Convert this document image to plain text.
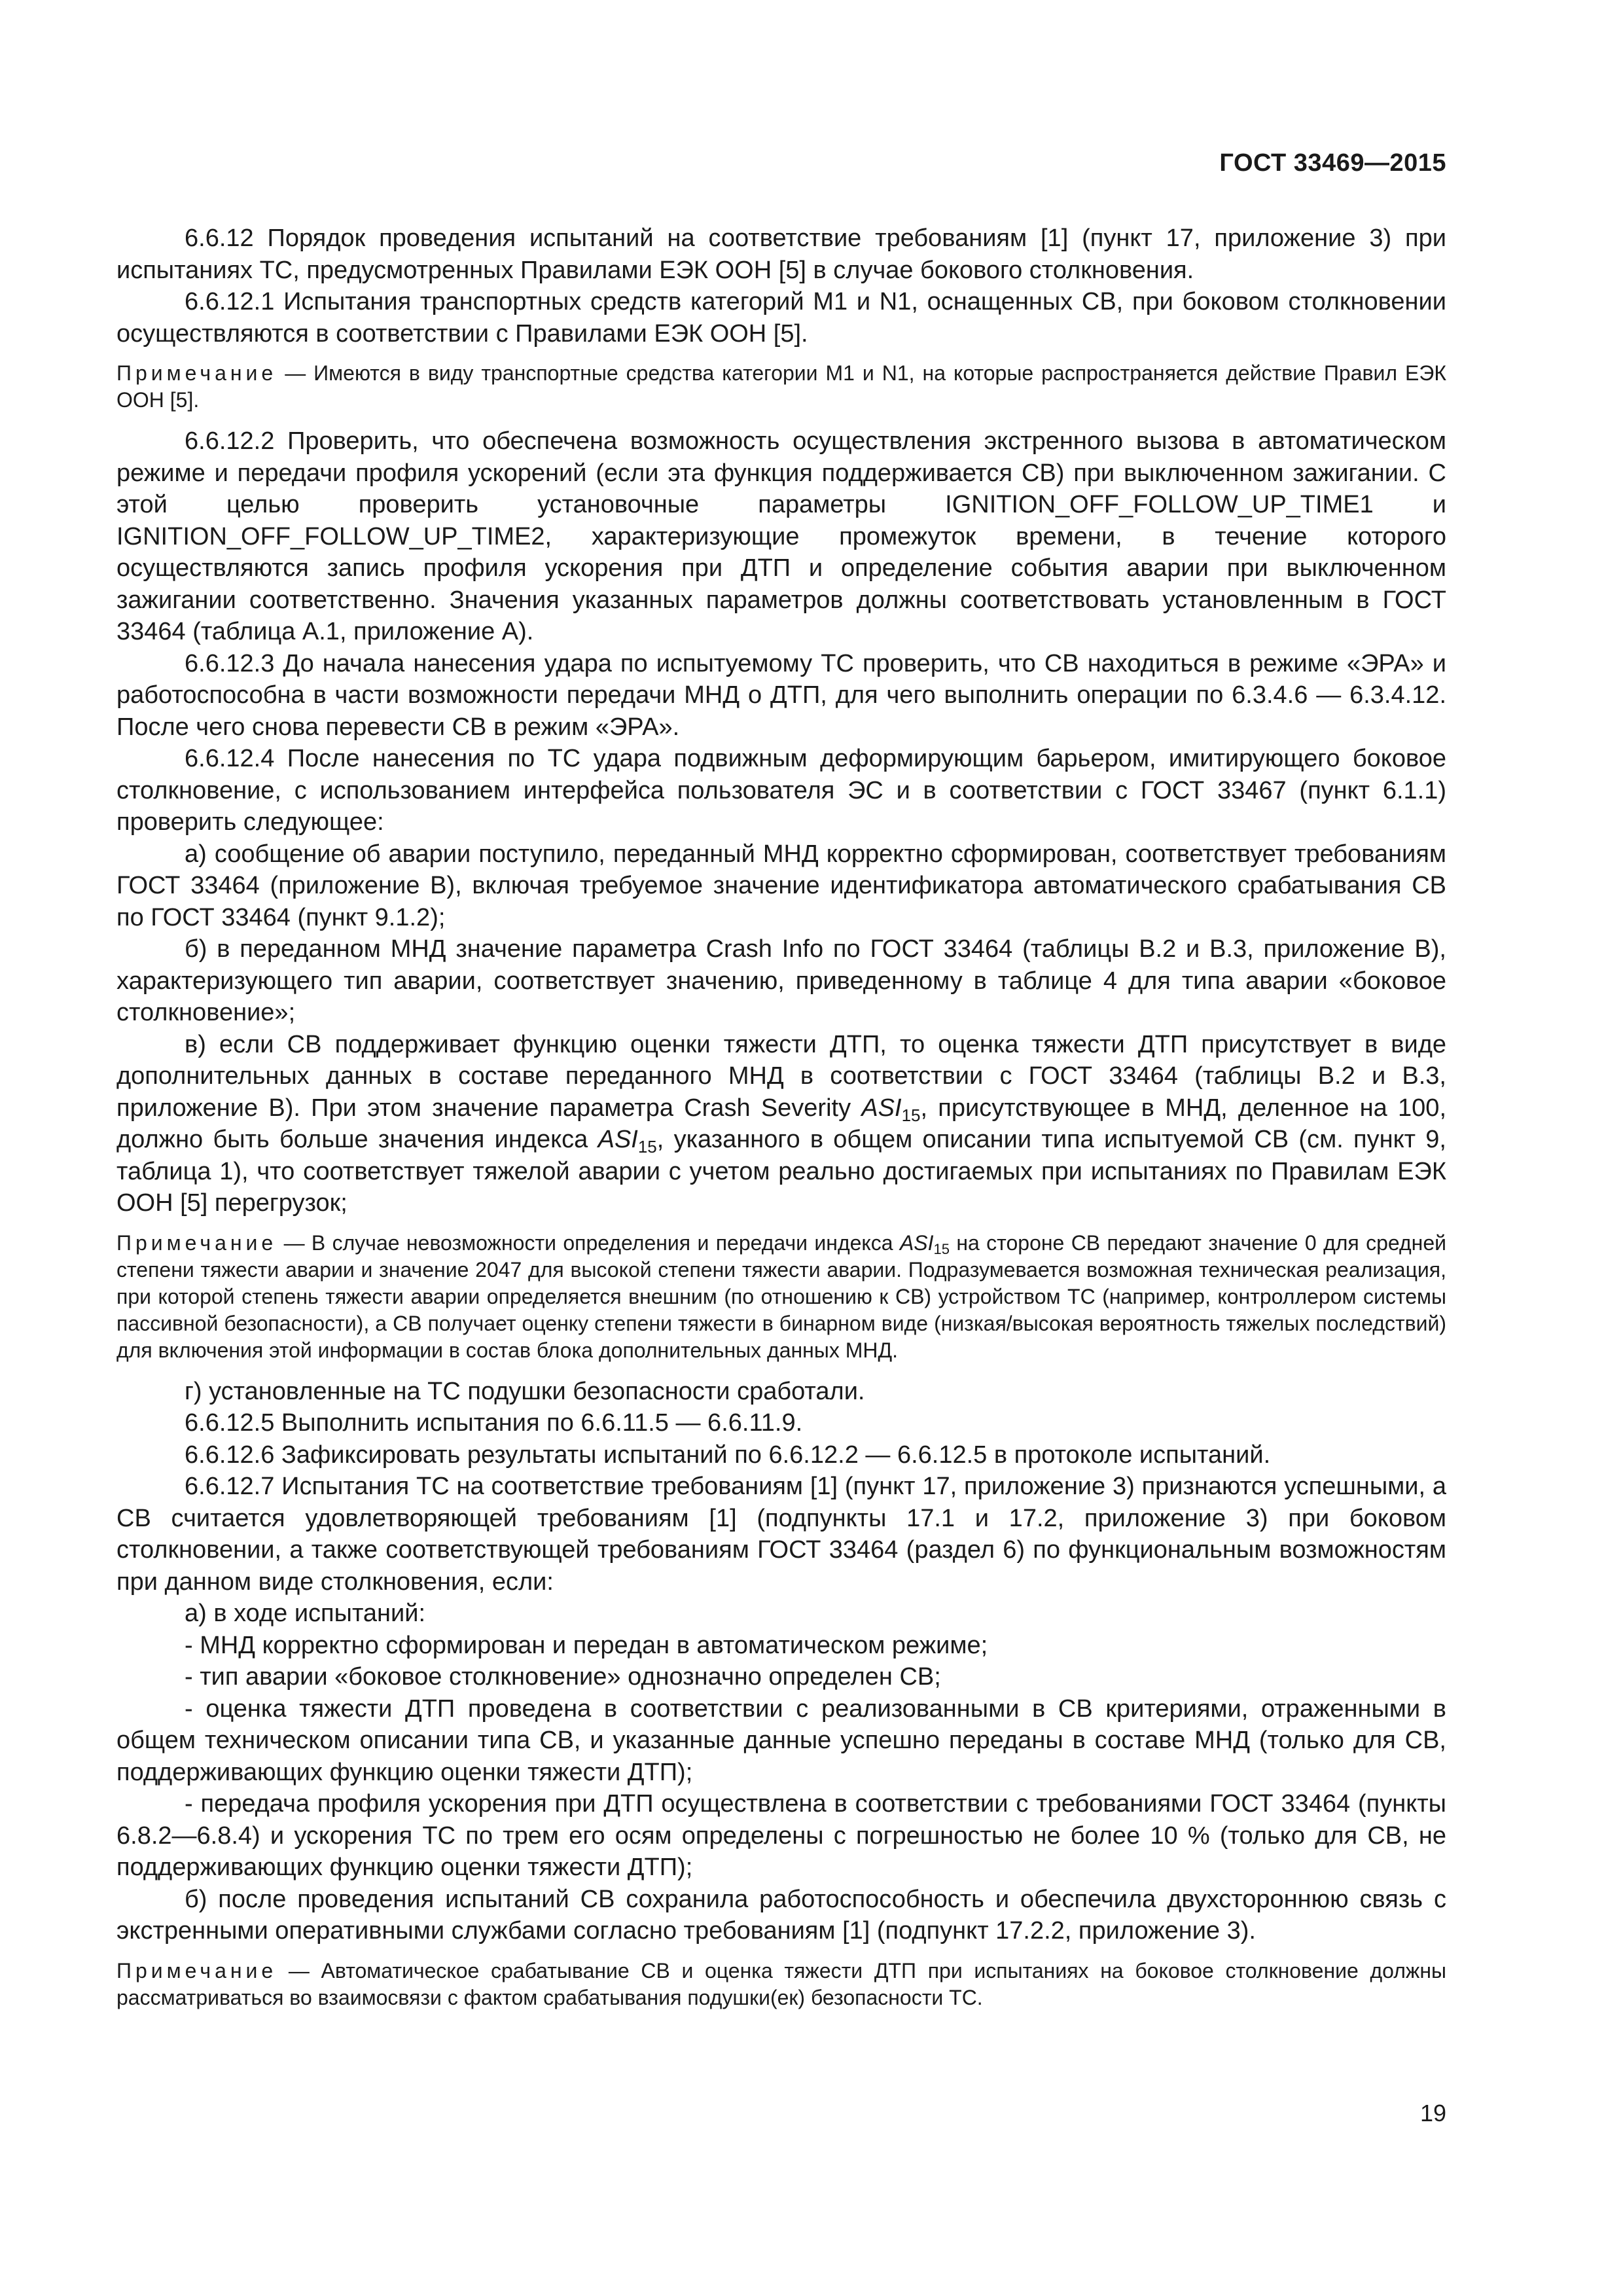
ГОСТ 33469—2015

6.6.12 Порядок проведения испытаний на соответствие требованиям [1] (пункт 17, приложение 3) при испытаниях ТС, предусмотренных Правилами ЕЭК ООН [5] в случае бокового столкновения.

6.6.12.1 Испытания транспортных средств категорий М1 и N1, оснащенных СВ, при боковом столкновении осуществляются в соответствии с Правилами ЕЭК ООН [5].

Примечание — Имеются в виду транспортные средства категории М1 и N1, на которые распространяется действие Правил ЕЭК ООН [5].

6.6.12.2 Проверить, что обеспечена возможность осуществления экстренного вызова в автоматическом режиме и передачи профиля ускорений (если эта функция поддерживается СВ) при выключенном зажигании. С этой целью проверить установочные параметры IGNITION_OFF_FOLLOW_UP_TIME1 и IGNITION_OFF_FOLLOW_UP_TIME2, характеризующие промежуток времени, в течение которого осуществляются запись профиля ускорения при ДТП и определение события аварии при выключенном зажигании соответственно. Значения указанных параметров должны соответствовать установленным в ГОСТ 33464 (таблица А.1, приложение А).

6.6.12.3 До начала нанесения удара по испытуемому ТС проверить, что СВ находиться в режиме «ЭРА» и работоспособна в части возможности передачи МНД о ДТП, для чего выполнить операции по 6.3.4.6 — 6.3.4.12. После чего снова перевести СВ в режим «ЭРА».

6.6.12.4 После нанесения по ТС удара подвижным деформирующим барьером, имитирующего боковое столкновение, с использованием интерфейса пользователя ЭС и в соответствии с ГОСТ 33467 (пункт 6.1.1) проверить следующее:

а) сообщение об аварии поступило, переданный МНД корректно сформирован, соответствует требованиям ГОСТ 33464 (приложение В), включая требуемое значение идентификатора автоматического срабатывания СВ по ГОСТ 33464 (пункт 9.1.2);

б) в переданном МНД значение параметра Crash Info по ГОСТ 33464 (таблицы В.2 и В.3, приложение В), характеризующего тип аварии, соответствует значению, приведенному в таблице 4 для типа аварии «боковое столкновение»;

в) если СВ поддерживает функцию оценки тяжести ДТП, то оценка тяжести ДТП присутствует в виде дополнительных данных в составе переданного МНД в соответствии с ГОСТ 33464 (таблицы В.2 и В.3, приложение В). При этом значение параметра Crash Severity $ASI_{15}$, присутствующее в МНД, деленное на 100, должно быть больше значения индекса $ASI_{15}$, указанного в общем описании типа испытуемой СВ (см. пункт 9, таблица 1), что соответствует тяжелой аварии с учетом реально достигаемых при испытаниях по Правилам ЕЭК ООН [5] перегрузок;

Примечание — В случае невозможности определения и передачи индекса $ASI_{15}$ на стороне СВ передают значение 0 для средней степени тяжести аварии и значение 2047 для высокой степени тяжести аварии. Подразумевается возможная техническая реализация, при которой степень тяжести аварии определяется внешним (по отношению к СВ) устройством ТС (например, контроллером системы пассивной безопасности), а СВ получает оценку степени тяжести в бинарном виде (низкая/высокая вероятность тяжелых последствий) для включения этой информации в состав блока дополнительных данных МНД.

г) установленные на ТС подушки безопасности сработали.

6.6.12.5 Выполнить испытания по 6.6.11.5 — 6.6.11.9.

6.6.12.6 Зафиксировать результаты испытаний по 6.6.12.2 — 6.6.12.5 в протоколе испытаний.

6.6.12.7 Испытания ТС на соответствие требованиям [1] (пункт 17, приложение 3) признаются успешными, а СВ считается удовлетворяющей требованиям [1] (подпункты 17.1 и 17.2, приложение 3) при боковом столкновении, а также соответствующей требованиям ГОСТ 33464 (раздел 6) по функциональным возможностям при данном виде столкновения, если:

а) в ходе испытаний:

- МНД корректно сформирован и передан в автоматическом режиме;

- тип аварии «боковое столкновение» однозначно определен СВ;

- оценка тяжести ДТП проведена в соответствии с реализованными в СВ критериями, отраженными в общем техническом описании типа СВ, и указанные данные успешно переданы в составе МНД (только для СВ, поддерживающих функцию оценки тяжести ДТП);

- передача профиля ускорения при ДТП осуществлена в соответствии с требованиями ГОСТ 33464 (пункты 6.8.2—6.8.4) и ускорения ТС по трем его осям определены с погрешностью не более 10 % (только для СВ, не поддерживающих функцию оценки тяжести ДТП);

б) после проведения испытаний СВ сохранила работоспособность и обеспечила двухстороннюю связь с экстренными оперативными службами согласно требованиям [1] (подпункт 17.2.2, приложение 3).

Примечание — Автоматическое срабатывание СВ и оценка тяжести ДТП при испытаниях на боковое столкновение должны рассматриваться во взаимосвязи с фактом срабатывания подушки(ек) безопасности ТС.

19
